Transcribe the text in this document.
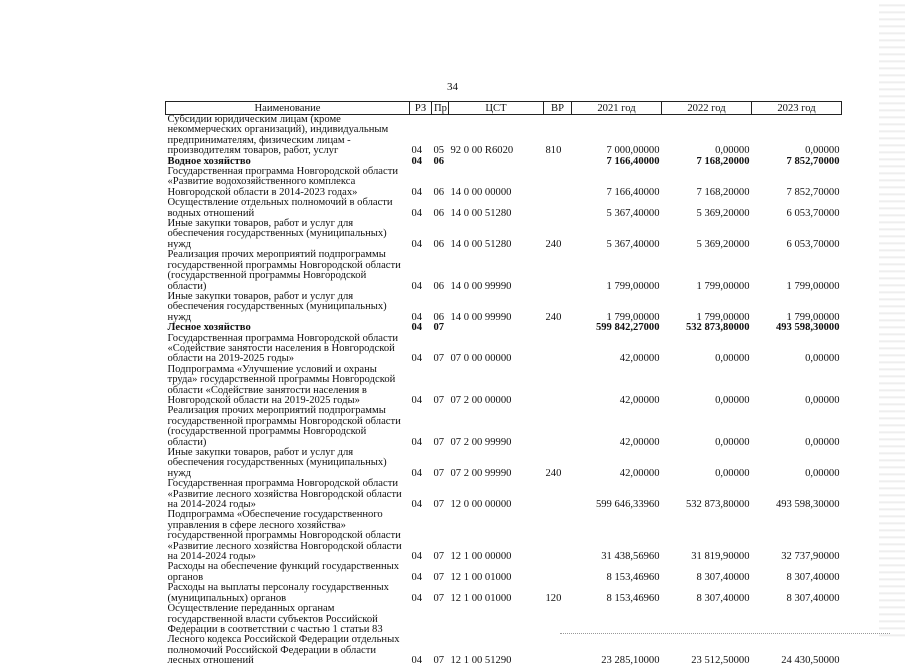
34
Наименование	РЗ	Пр	ЦСТ	ВР	2021 год	2022 год	2023 год
Субсидии юридическим лицам (кроме некоммерческих организаций), индивидуальным предпринимателям, физическим лицам - производителям товаров, работ, услуг	04	05	92 0 00 R6020	810	7 000,00000	0,00000	0,00000
Водное хозяйство	04	06			7 166,40000	7 168,20000	7 852,70000
Государственная программа Новгородской области «Развитие водохозяйственного комплекса Новгородской области в 2014-2023 годах»	04	06	14 0 00 00000		7 166,40000	7 168,20000	7 852,70000
Осуществление отдельных полномочий в области водных отношений	04	06	14 0 00 51280		5 367,40000	5 369,20000	6 053,70000
Иные закупки товаров, работ и услуг для обеспечения государственных (муниципальных) нужд	04	06	14 0 00 51280	240	5 367,40000	5 369,20000	6 053,70000
Реализация прочих мероприятий подпрограммы государственной программы Новгородской области (государственной программы Новгородской области)	04	06	14 0 00 99990		1 799,00000	1 799,00000	1 799,00000
Иные закупки товаров, работ и услуг для обеспечения государственных (муниципальных) нужд	04	06	14 0 00 99990	240	1 799,00000	1 799,00000	1 799,00000
Лесное хозяйство	04	07			599 842,27000	532 873,80000	493 598,30000
Государственная программа Новгородской области «Содействие занятости населения в Новгородской области на 2019-2025 годы»	04	07	07 0 00 00000		42,00000	0,00000	0,00000
Подпрограмма «Улучшение условий и охраны труда» государственной программы Новгородской области «Содействие занятости населения в Новгородской области на 2019-2025 годы»	04	07	07 2 00 00000		42,00000	0,00000	0,00000
Реализация прочих мероприятий подпрограммы государственной программы Новгородской области (государственной программы Новгородской области)	04	07	07 2 00 99990		42,00000	0,00000	0,00000
Иные закупки товаров, работ и услуг для обеспечения государственных (муниципальных) нужд	04	07	07 2 00 99990	240	42,00000	0,00000	0,00000
Государственная программа Новгородской области «Развитие лесного хозяйства Новгородской области на 2014-2024 годы»	04	07	12 0 00 00000		599 646,33960	532 873,80000	493 598,30000
Подпрограмма «Обеспечение государственного управления в сфере лесного хозяйства» государственной программы Новгородской области «Развитие лесного хозяйства Новгородской области на 2014-2024 годы»	04	07	12 1 00 00000		31 438,56960	31 819,90000	32 737,90000
Расходы на обеспечение функций государственных органов	04	07	12 1 00 01000		8 153,46960	8 307,40000	8 307,40000
Расходы на выплаты персоналу государственных (муниципальных) органов	04	07	12 1 00 01000	120	8 153,46960	8 307,40000	8 307,40000
Осуществление переданных органам государственной власти субъектов Российской Федерации в соответствии с частью 1 статьи 83 Лесного кодекса Российской Федерации отдельных полномочий Российской Федерации в области лесных отношений	04	07	12 1 00 51290		23 285,10000	23 512,50000	24 430,50000
